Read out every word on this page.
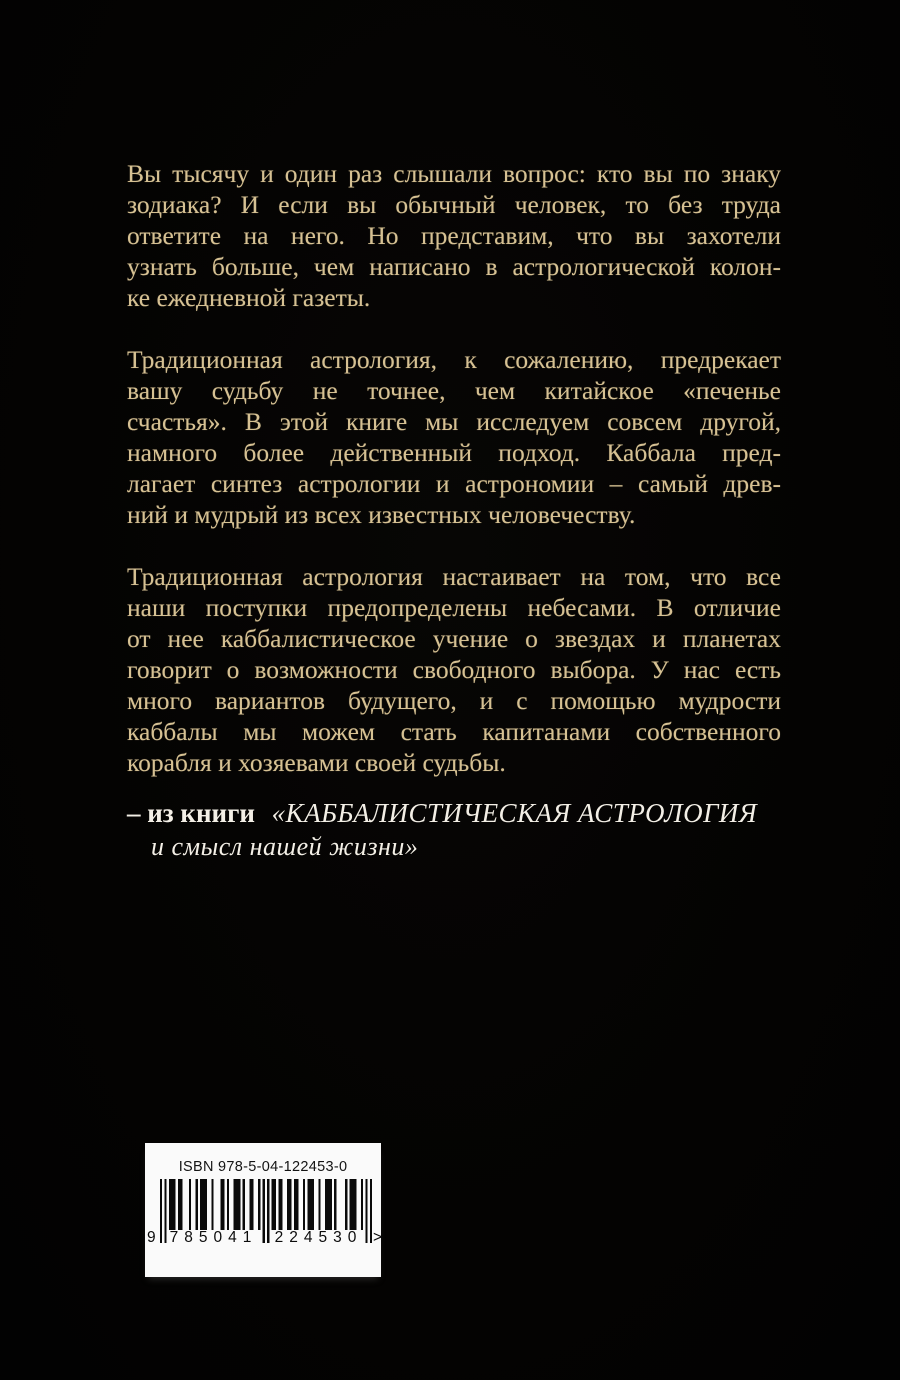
Вы тысячу и один раз слышали вопрос: кто вы по знаку
зодиака? И если вы обычный человек, то без труда
ответите на него. Но представим, что вы захотели
узнать больше, чем написано в астрологической колон-
ке ежедневной газеты.
Традиционная астрология, к сожалению, предрекает
вашу судьбу не точнее, чем китайское «печенье
счастья». В этой книге мы исследуем совсем другой,
намного более действенный подход. Каббала пред-
лагает синтез астрологии и астрономии – самый древ-
ний и мудрый из всех известных человечеству.
Традиционная астрология настаивает на том, что все
наши поступки предопределены небесами. В отличие
от нее каббалистическое учение о звездах и планетах
говорит о возможности свободного выбора. У нас есть
много вариантов будущего, и с помощью мудрости
каббалы мы можем стать капитанами собственного
корабля и хозяевами своей судьбы.
– из книги «КАББАЛИСТИЧЕСКАЯ АСТРОЛОГИЯ
и смысл нашей жизни»
ISBN 978-5-04-122453-0
9 785041 224530 >
